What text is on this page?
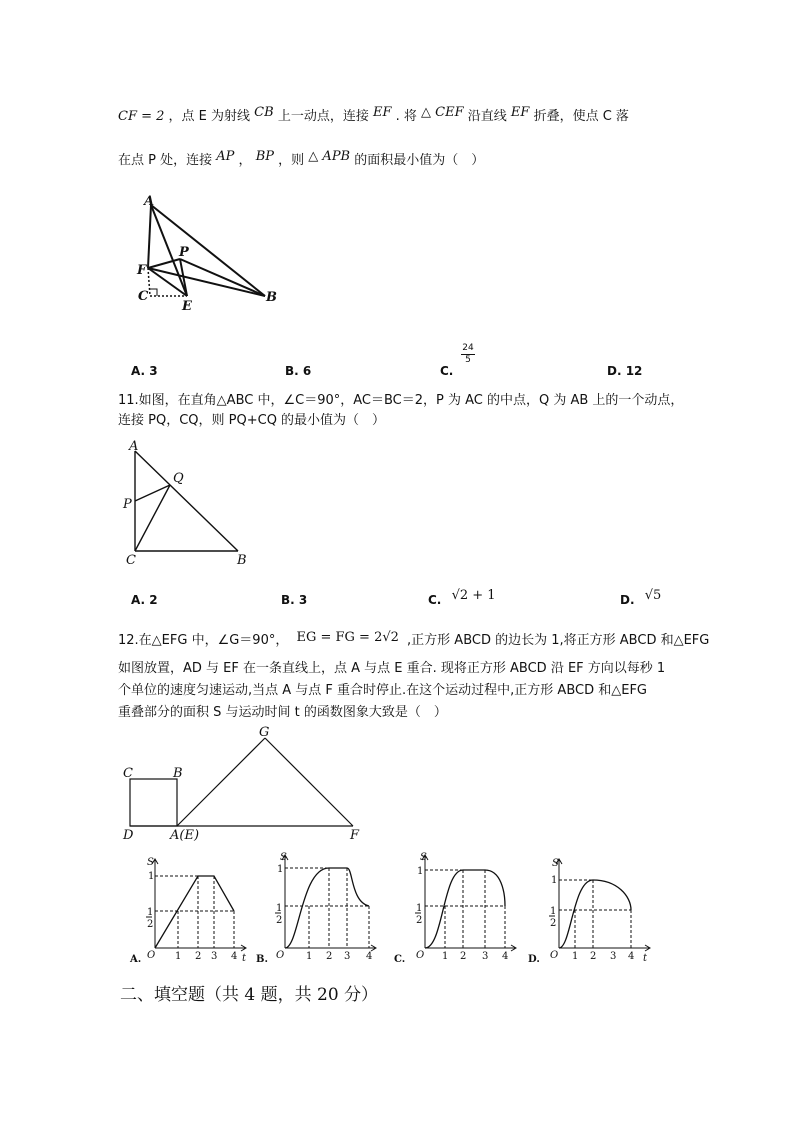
CF = 2 ，点 E 为射线 CB 上一动点，连接 EF . 将 △ CEF 沿直线 EF 折叠，使点 C 落
在点 P 处，连接 AP ， BP ，则 △ APB 的面积最小值为（　）
A
P
F
C
E
B
A. 3	B. 6	C.
$\frac{24}{5}$
D. 12
11.如图，在直角△ABC 中，∠C＝90°，AC＝BC＝2，P 为 AC 的中点，Q 为 AB 上的一个动点，
连接 PQ，CQ，则 PQ+CQ 的最小值为（　）
A
Q
P
C	B
A. 2	B. 3	C. √2 + 1	D. √5
12.在△EFG 中，∠G＝90°， EG = FG = 2√2 ,正方形 ABCD 的边长为 1,将正方形 ABCD 和△EFG
如图放置，AD 与 EF 在一条直线上，点 A 与点 E 重合. 现将正方形 ABCD 沿 EF 方向以每秒 1
个单位的速度匀速运动,当点 A 与点 F 重合时停止.在这个运动过程中,正方形 ABCD 和△EFG
重叠部分的面积 S 与运动时间 t 的函数图象大致是（　）
G
C	B
D	A(E)	F
S
1
1
2
O 1 2 3 4 t
A.
S
1
1
2
O 1 2 3 4
B.
S
1
1
2
O 1 2 3 4
C.
S
1
1
2
O 1 2 3 4 t
D.
二、填空题（共 4 题，共 20 分）
